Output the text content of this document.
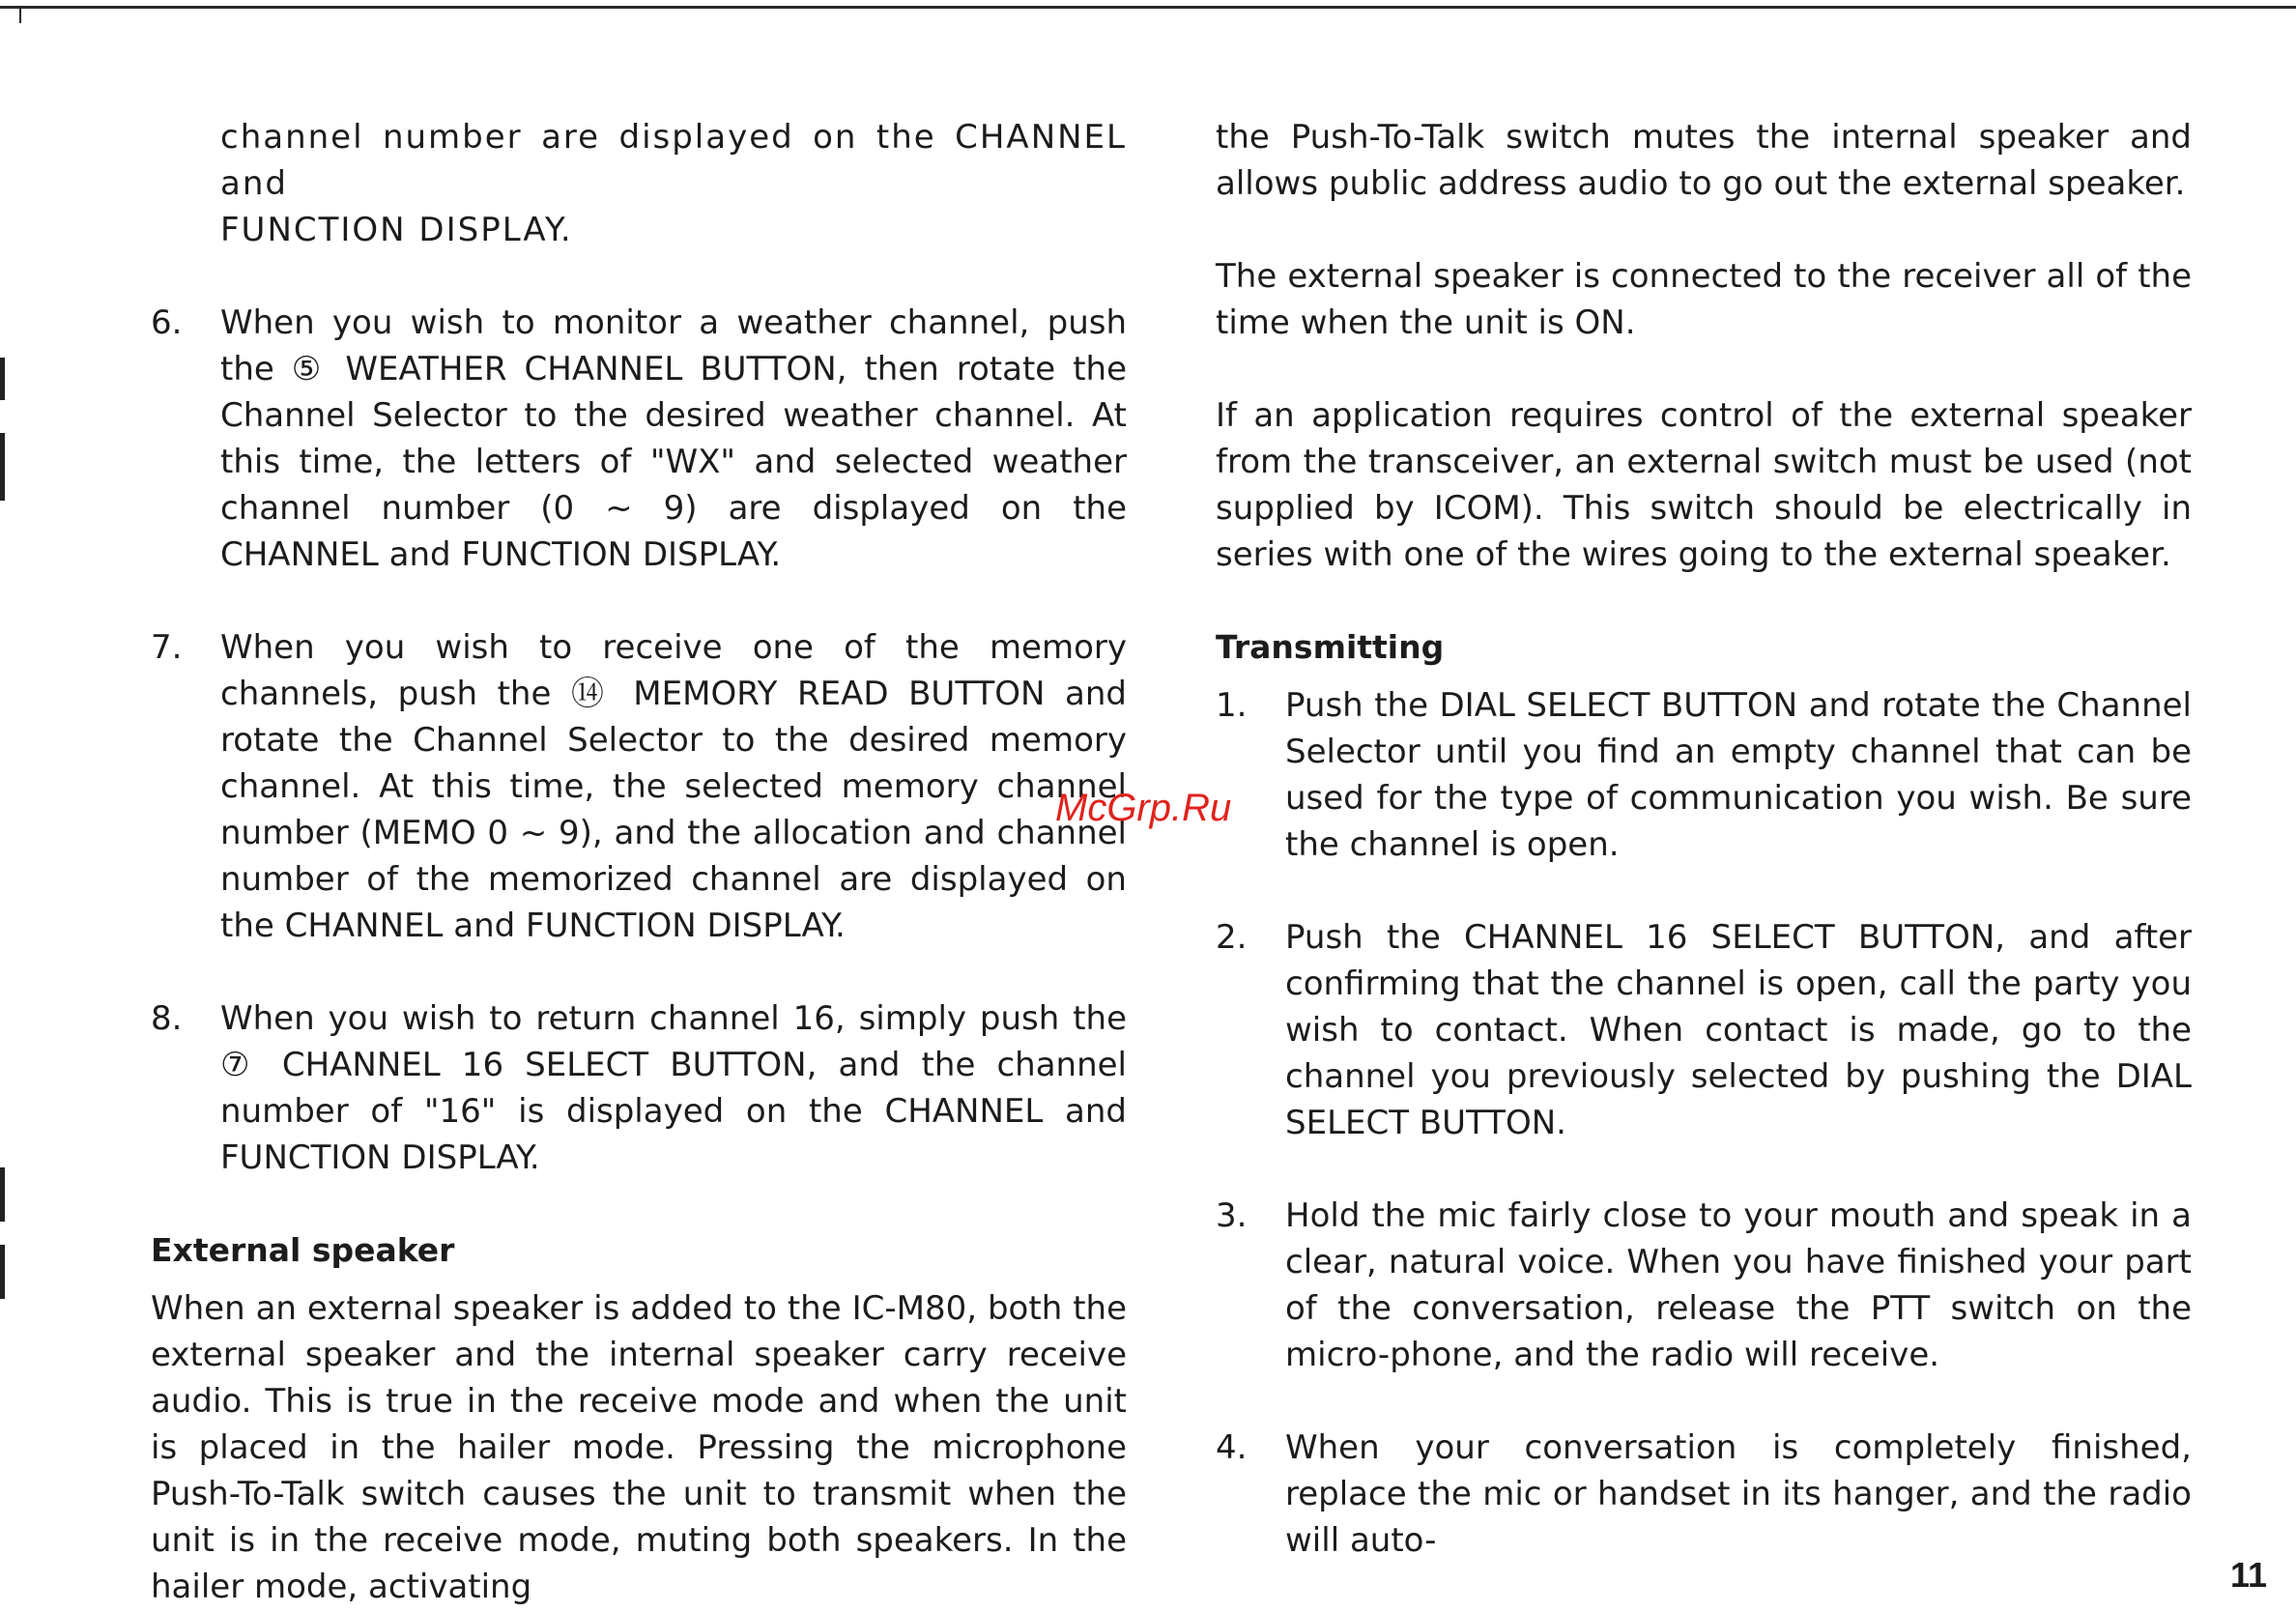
channel number are displayed on the CHANNEL and

FUNCTION DISPLAY.

6.	When you wish to monitor a weather channel, push the ⑤ WEATHER CHANNEL BUTTON, then rotate the Channel Selector to the desired weather channel. At this time, the letters of "WX" and selected weather channel number (0 ~ 9) are displayed on the CHANNEL and FUNCTION DISPLAY.

7.	When you wish to receive one of the memory channels, push the ⑭ MEMORY READ BUTTON and rotate the Channel Selector to the desired memory channel. At this time, the selected memory channel number (MEMO 0 ~ 9), and the allocation and channel number of the memorized channel are displayed on the CHANNEL and FUNCTION DISPLAY.

8.	When you wish to return channel 16, simply push the ⑦ CHANNEL 16 SELECT BUTTON, and the channel number of "16" is displayed on the CHANNEL and FUNCTION DISPLAY.

External speaker

When an external speaker is added to the IC-M80, both the external speaker and the internal speaker carry receive audio. This is true in the receive mode and when the unit is placed in the hailer mode. Pressing the microphone Push-To-Talk switch causes the unit to transmit when the unit is in the receive mode, muting both speakers. In the hailer mode, activating

the Push-To-Talk switch mutes the internal speaker and allows public address audio to go out the external speaker.

The external speaker is connected to the receiver all of the time when the unit is ON.

If an application requires control of the external speaker from the transceiver, an external switch must be used (not supplied by ICOM). This switch should be electrically in series with one of the wires going to the external speaker.

Transmitting

1.	Push the DIAL SELECT BUTTON and rotate the Channel Selector until you find an empty channel that can be used for the type of communication you wish. Be sure the channel is open.

2.	Push the CHANNEL 16 SELECT BUTTON, and after confirming that the channel is open, call the party you wish to contact. When contact is made, go to the channel you previously selected by pushing the DIAL SELECT BUTTON.

3.	Hold the mic fairly close to your mouth and speak in a clear, natural voice. When you have finished your part of the conversation, release the PTT switch on the micro-phone, and the radio will receive.

4.	When your conversation is completely finished, replace the mic or handset in its hanger, and the radio will auto-

McGrp.Ru
11
